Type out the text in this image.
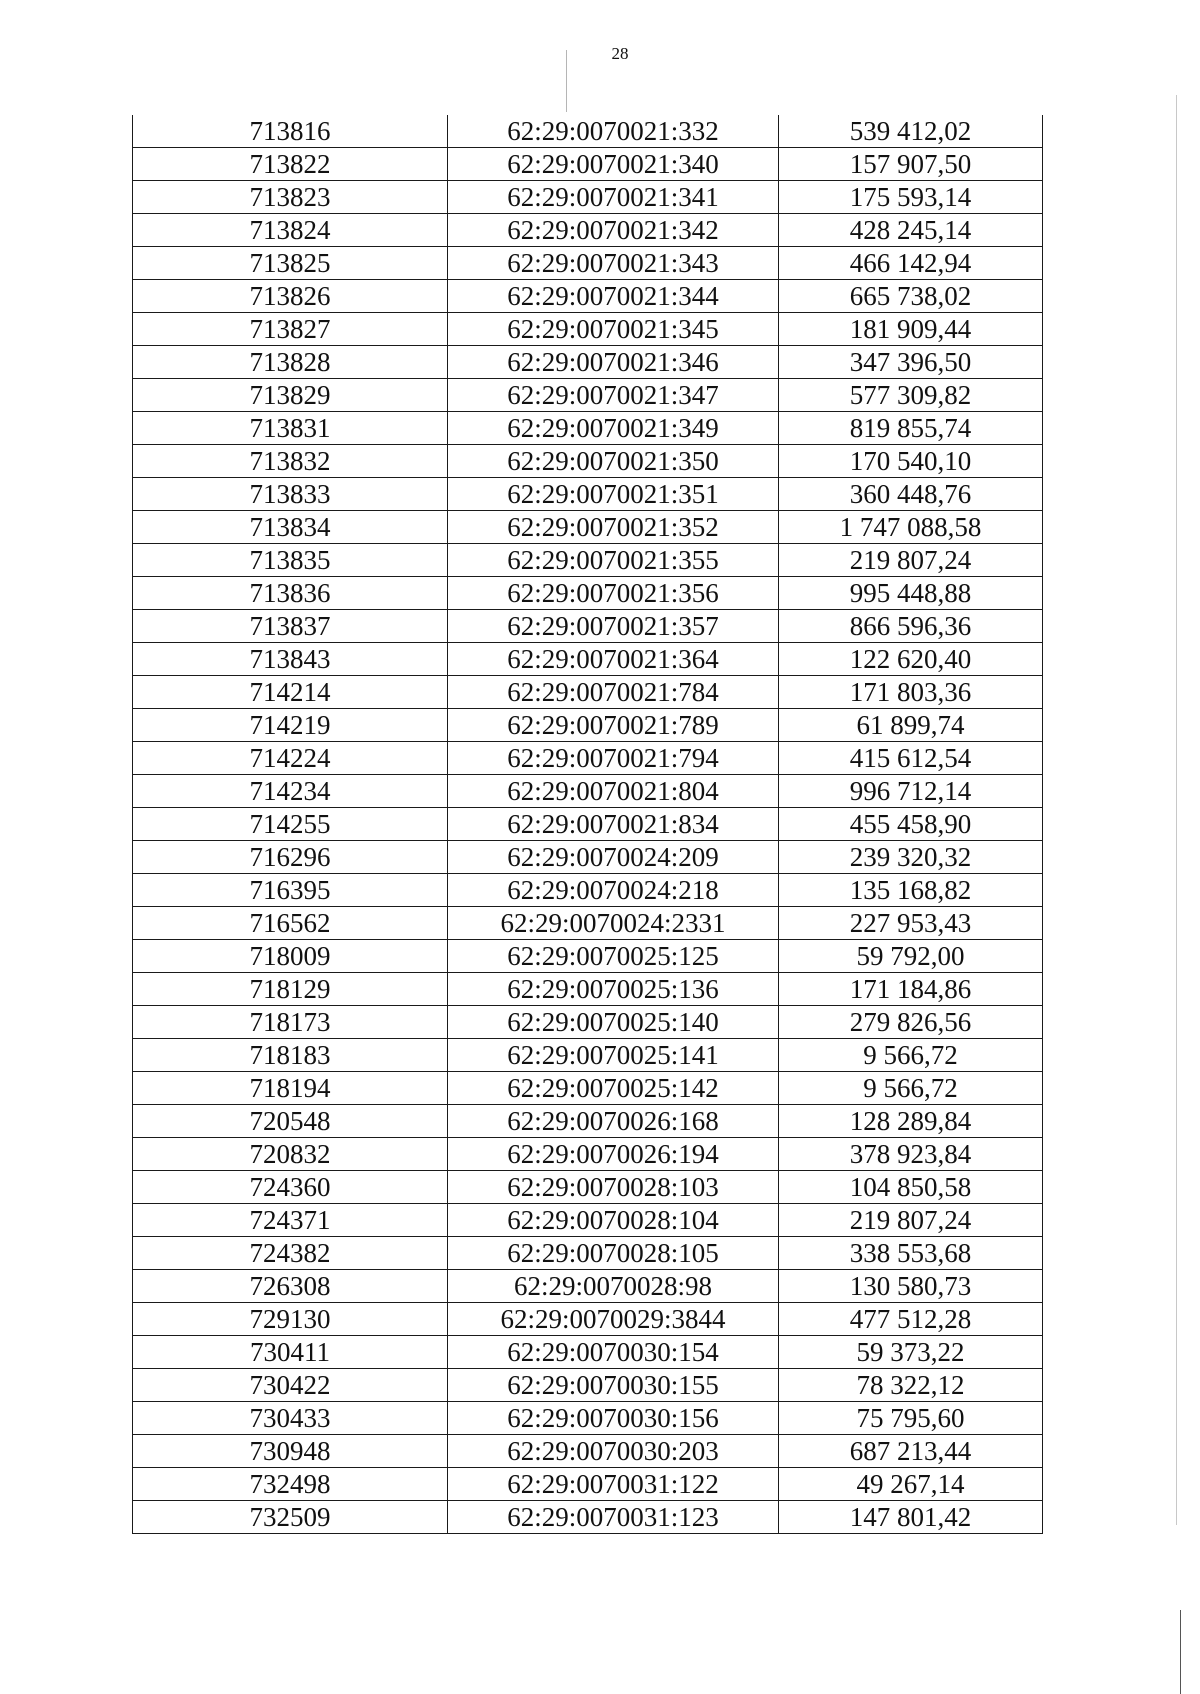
28
713816	62:29:0070021:332	539 412,02
713822	62:29:0070021:340	157 907,50
713823	62:29:0070021:341	175 593,14
713824	62:29:0070021:342	428 245,14
713825	62:29:0070021:343	466 142,94
713826	62:29:0070021:344	665 738,02
713827	62:29:0070021:345	181 909,44
713828	62:29:0070021:346	347 396,50
713829	62:29:0070021:347	577 309,82
713831	62:29:0070021:349	819 855,74
713832	62:29:0070021:350	170 540,10
713833	62:29:0070021:351	360 448,76
713834	62:29:0070021:352	1 747 088,58
713835	62:29:0070021:355	219 807,24
713836	62:29:0070021:356	995 448,88
713837	62:29:0070021:357	866 596,36
713843	62:29:0070021:364	122 620,40
714214	62:29:0070021:784	171 803,36
714219	62:29:0070021:789	61 899,74
714224	62:29:0070021:794	415 612,54
714234	62:29:0070021:804	996 712,14
714255	62:29:0070021:834	455 458,90
716296	62:29:0070024:209	239 320,32
716395	62:29:0070024:218	135 168,82
716562	62:29:0070024:2331	227 953,43
718009	62:29:0070025:125	59 792,00
718129	62:29:0070025:136	171 184,86
718173	62:29:0070025:140	279 826,56
718183	62:29:0070025:141	9 566,72
718194	62:29:0070025:142	9 566,72
720548	62:29:0070026:168	128 289,84
720832	62:29:0070026:194	378 923,84
724360	62:29:0070028:103	104 850,58
724371	62:29:0070028:104	219 807,24
724382	62:29:0070028:105	338 553,68
726308	62:29:0070028:98	130 580,73
729130	62:29:0070029:3844	477 512,28
730411	62:29:0070030:154	59 373,22
730422	62:29:0070030:155	78 322,12
730433	62:29:0070030:156	75 795,60
730948	62:29:0070030:203	687 213,44
732498	62:29:0070031:122	49 267,14
732509	62:29:0070031:123	147 801,42
